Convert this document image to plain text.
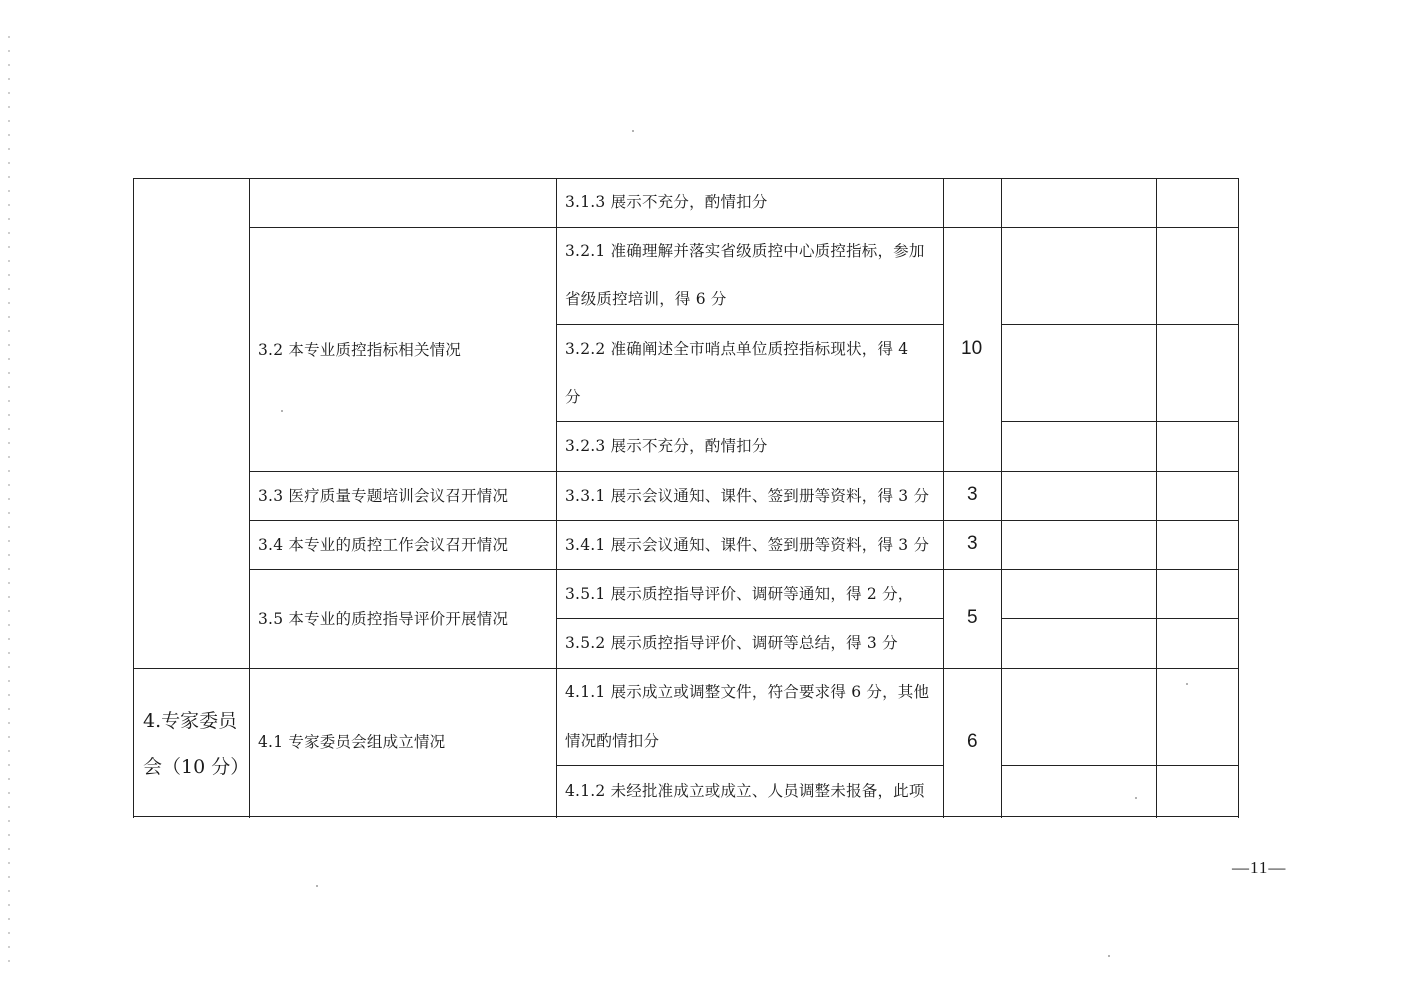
3.1.3 展示不充分，酌情扣分
3.2 本专业质控指标相关情况
3.2.1 准确理解并落实省级质控中心质控指标，参加
省级质控培训，得 6 分
3.2.2 准确阐述全市哨点单位质控指标现状，得 4
分
3.2.3 展示不充分，酌情扣分
10
3.3 医疗质量专题培训会议召开情况	3.3.1 展示会议通知、课件、签到册等资料，得 3 分 3
3.4 本专业的质控工作会议召开情况	3.4.1 展示会议通知、课件、签到册等资料，得 3 分 3
3.5 本专业的质控指导评价开展情况
3.5.1 展示质控指导评价、调研等通知，得 2 分，
3.5.2 展示质控指导评价、调研等总结，得 3 分
5
4.专家委员
会（10 分）
4.1 专家委员会组成立情况
4.1.1 展示成立或调整文件，符合要求得 6 分，其他
情况酌情扣分
4.1.2 未经批准成立或成立、人员调整未报备，此项
6
—11—
